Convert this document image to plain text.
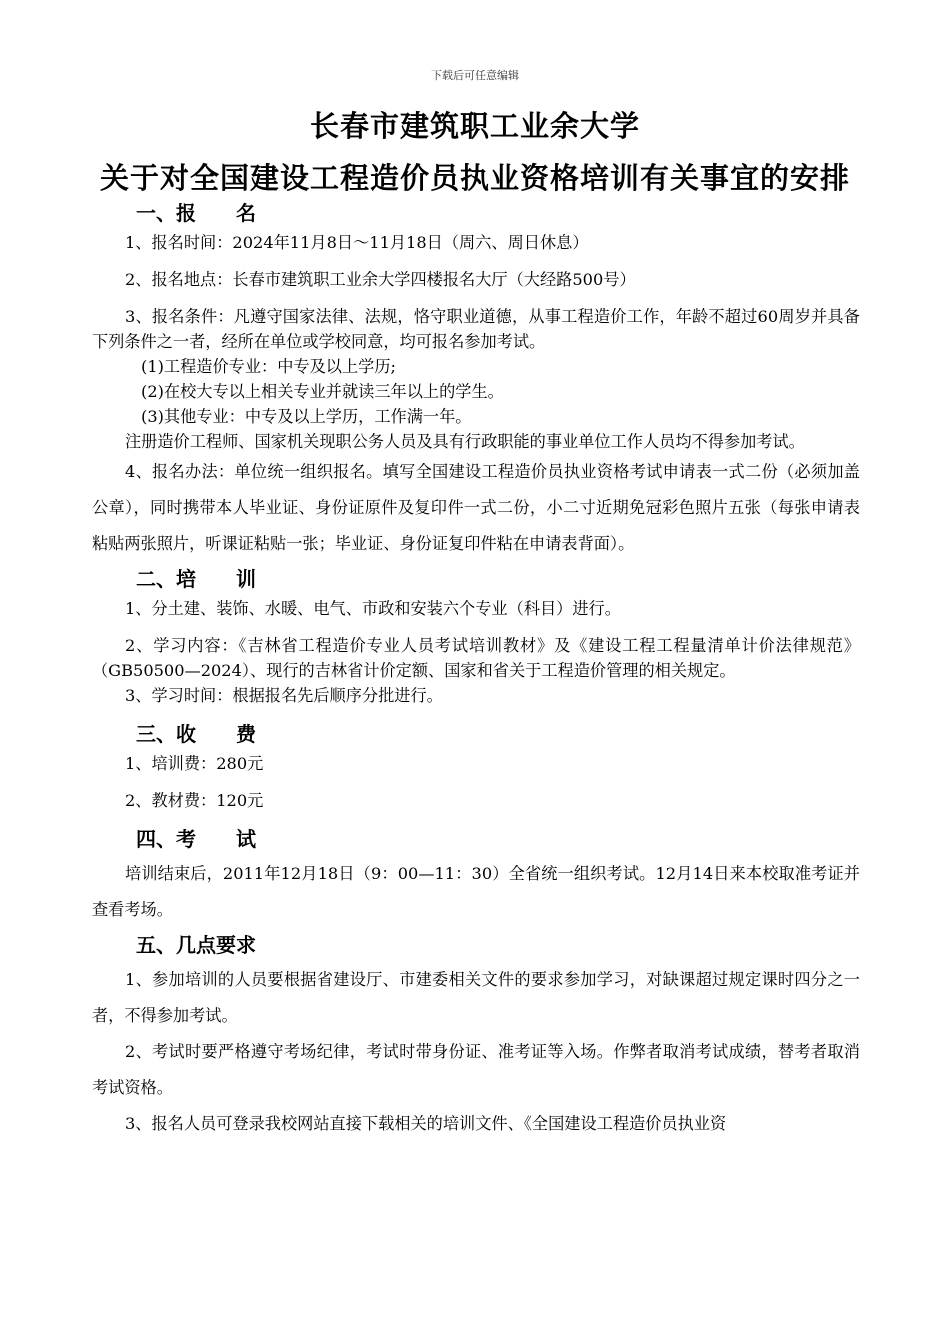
下载后可任意编辑
长春市建筑职工业余大学
关于对全国建设工程造价员执业资格培训有关事宜的安排
一、报　　名

1、报名时间：2024年11月8日～11月18日（周六、周日休息）

2、报名地点：长春市建筑职工业余大学四楼报名大厅（大经路500号）

3、报名条件：凡遵守国家法律、法规，恪守职业道德，从事工程造价工作，年龄不超过60周岁并具备下列条件之一者，经所在单位或学校同意，均可报名参加考试。

(1)工程造价专业：中专及以上学历;

(2)在校大专以上相关专业并就读三年以上的学生。

(3)其他专业：中专及以上学历，工作满一年。

注册造价工程师、国家机关现职公务人员及具有行政职能的事业单位工作人员均不得参加考试。

4、报名办法：单位统一组织报名。填写全国建设工程造价员执业资格考试申请表一式二份（必须加盖公章），同时携带本人毕业证、身份证原件及复印件一式二份，小二寸近期免冠彩色照片五张（每张申请表粘贴两张照片，听课证粘贴一张；毕业证、身份证复印件粘在申请表背面）。

二、培　　训

1、分土建、装饰、水暖、电气、市政和安装六个专业（科目）进行。

2、学习内容：《吉林省工程造价专业人员考试培训教材》及《建设工程工程量清单计价法律规范》（GB50500—2024）、现行的吉林省计价定额、国家和省关于工程造价管理的相关规定。

3、学习时间：根据报名先后顺序分批进行。

三、收　　费

1、培训费：280元

2、教材费：120元

四、考　　试

培训结束后，2011年12月18日（9：00—11：30）全省统一组织考试。12月14日来本校取准考证并查看考场。

五、几点要求

1、参加培训的人员要根据省建设厅、市建委相关文件的要求参加学习，对缺课超过规定课时四分之一者，不得参加考试。

2、考试时要严格遵守考场纪律，考试时带身份证、准考证等入场。作弊者取消考试成绩，替考者取消考试资格。

3、报名人员可登录我校网站直接下载相关的培训文件、《全国建设工程造价员执业资
